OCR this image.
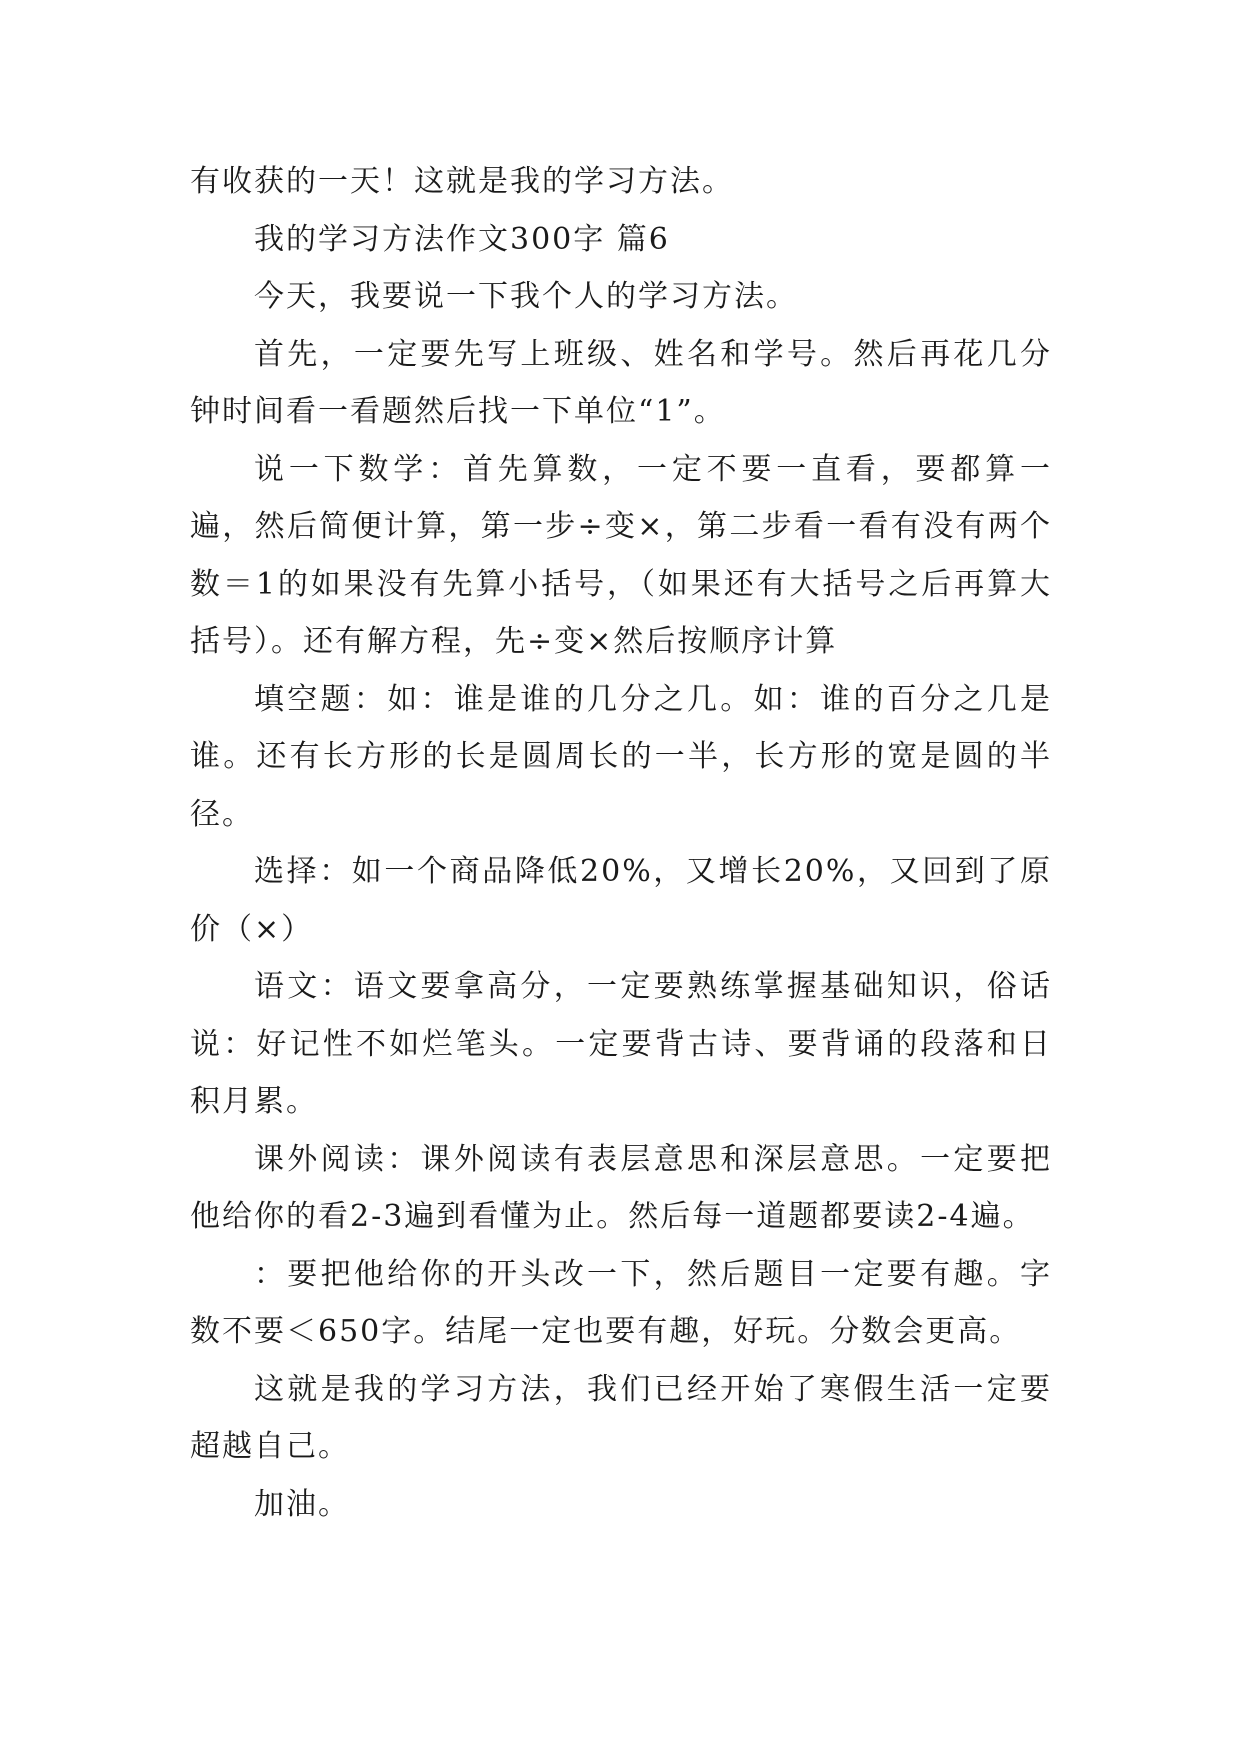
有收获的一天！这就是我的学习方法。

我的学习方法作文300字 篇6

今天，我要说一下我个人的学习方法。

首先，一定要先写上班级、姓名和学号。然后再花几分钟时间看一看题然后找一下单位“1”。

说一下数学：首先算数，一定不要一直看，要都算一遍，然后简便计算，第一步÷变×，第二步看一看有没有两个数＝1的如果没有先算小括号，（如果还有大括号之后再算大括号）。还有解方程，先÷变×然后按顺序计算

填空题：如：谁是谁的几分之几。如：谁的百分之几是谁。还有长方形的长是圆周长的一半，长方形的宽是圆的半径。

选择：如一个商品降低20%，又增长20%，又回到了原价（×）

语文：语文要拿高分，一定要熟练掌握基础知识，俗话说：好记性不如烂笔头。一定要背古诗、要背诵的段落和日积月累。

课外阅读：课外阅读有表层意思和深层意思。一定要把他给你的看2-3遍到看懂为止。然后每一道题都要读2-4遍。

：要把他给你的开头改一下，然后题目一定要有趣。字数不要＜650字。结尾一定也要有趣，好玩。分数会更高。

这就是我的学习方法，我们已经开始了寒假生活一定要超越自己。

加油。
